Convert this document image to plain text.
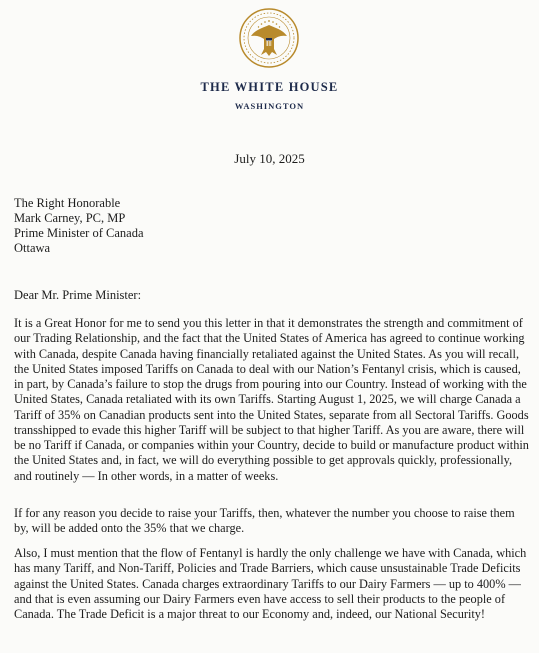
THE WHITE HOUSE
WASHINGTON
July 10, 2025
The Right Honorable
Mark Carney, PC, MP
Prime Minister of Canada
Ottawa
Dear Mr. Prime Minister:
It is a Great Honor for me to send you this letter in that it demonstrates the strength and commitment of our Trading Relationship, and the fact that the United States of America has agreed to continue working with Canada, despite Canada having financially retaliated against the United States. As you will recall, the United States imposed Tariffs on Canada to deal with our Nation’s Fentanyl crisis, which is caused, in part, by Canada’s failure to stop the drugs from pouring into our Country. Instead of working with the United States, Canada retaliated with its own Tariffs. Starting August 1, 2025, we will charge Canada a Tariff of 35% on Canadian products sent into the United States, separate from all Sectoral Tariffs. Goods transshipped to evade this higher Tariff will be subject to that higher Tariff. As you are aware, there will be no Tariff if Canada, or companies within your Country, decide to build or manufacture product within the United States and, in fact, we will do everything possible to get approvals quickly, professionally, and routinely — In other words, in a matter of weeks.
If for any reason you decide to raise your Tariffs, then, whatever the number you choose to raise them by, will be added onto the 35% that we charge.
Also, I must mention that the flow of Fentanyl is hardly the only challenge we have with Canada, which has many Tariff, and Non-Tariff, Policies and Trade Barriers, which cause unsustainable Trade Deficits against the United States. Canada charges extraordinary Tariffs to our Dairy Farmers — up to 400% — and that is even assuming our Dairy Farmers even have access to sell their products to the people of Canada. The Trade Deficit is a major threat to our Economy and, indeed, our National Security!
